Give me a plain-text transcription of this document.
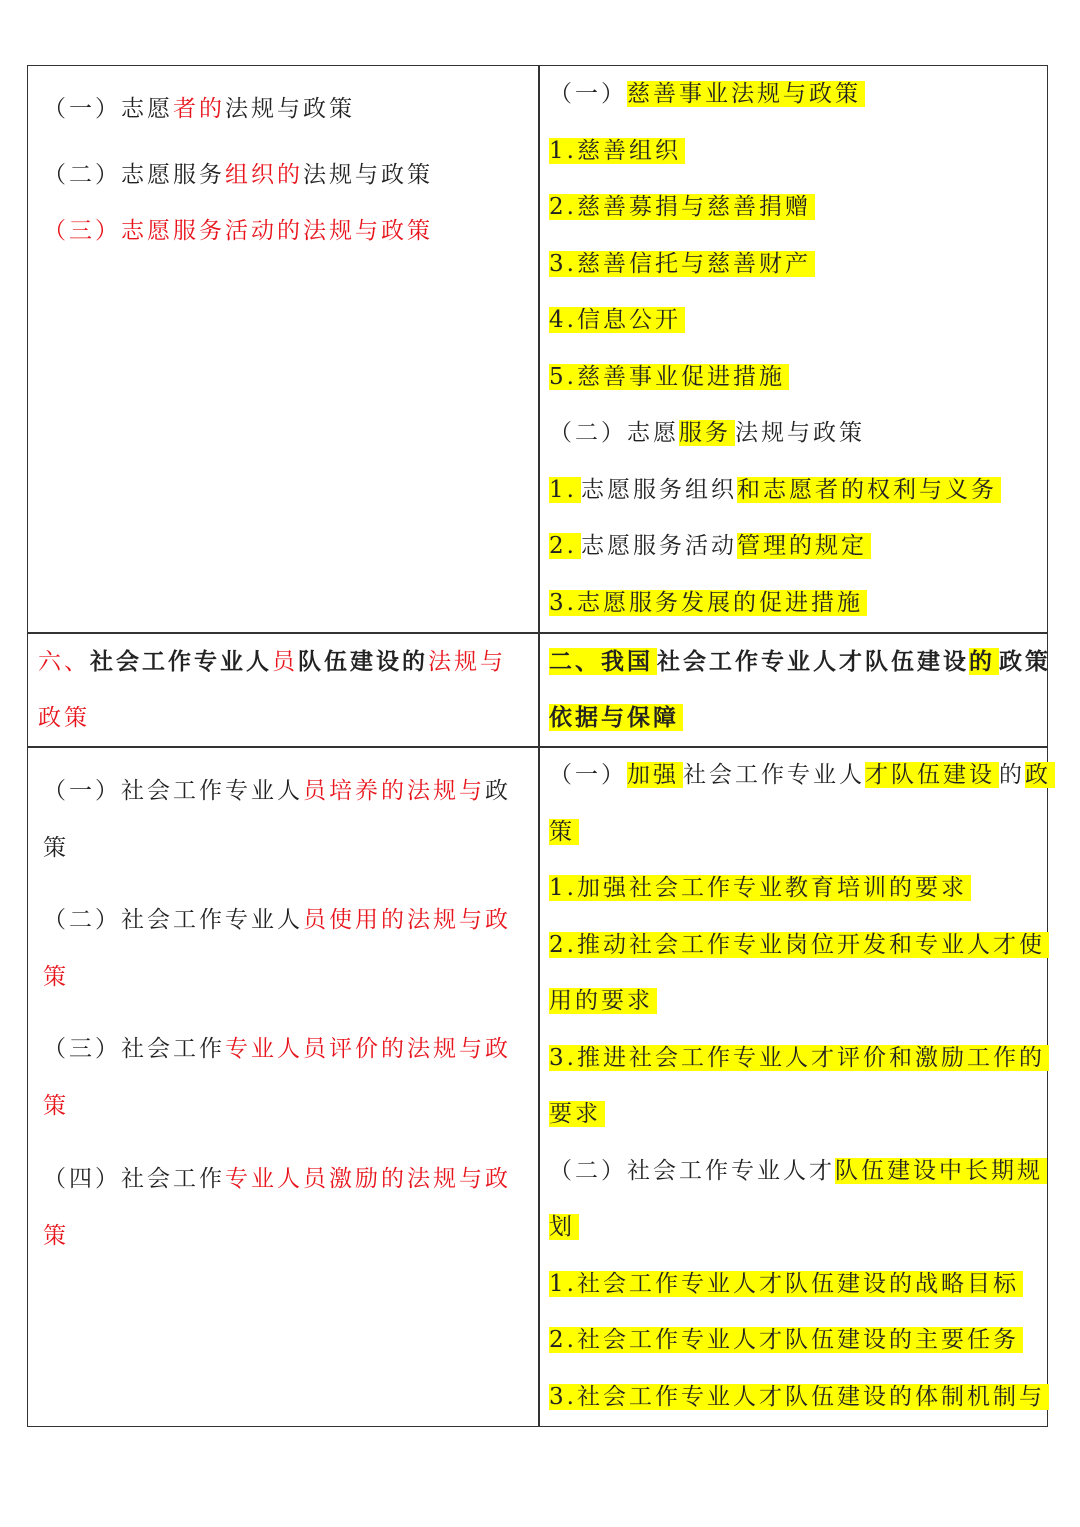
（一）志愿者的法规与政策
（二）志愿服务组织的法规与政策
（三）志愿服务活动的法规与政策
（一）慈善事业法规与政策
1.慈善组织
2.慈善募捐与慈善捐赠
3.慈善信托与慈善财产
4.信息公开
5.慈善事业促进措施
（二）志愿服务 法规与政策
1. 志愿服务组织和志愿者的权利与义务
2. 志愿服务活动管理的规定
3.志愿服务发展的促进措施
六、社会工作专业人员队伍建设的法规与
政策
二、我国 社会工作专业人才队伍建设的 政策
依据与保障
（一）社会工作专业人员培养的法规与政
策
（二）社会工作专业人员使用的法规与政
策
（三）社会工作专业人员评价的法规与政
策
（四）社会工作专业人员激励的法规与政
策
（一）加强 社会工作专业人才队伍建设 的政
策
1.加强社会工作专业教育培训的要求
2.推动社会工作专业岗位开发和专业人才使
用的要求
3.推进社会工作专业人才评价和激励工作的
要求
（二）社会工作专业人才队伍建设中长期规
划
1.社会工作专业人才队伍建设的战略目标
2.社会工作专业人才队伍建设的主要任务
3.社会工作专业人才队伍建设的体制机制与
